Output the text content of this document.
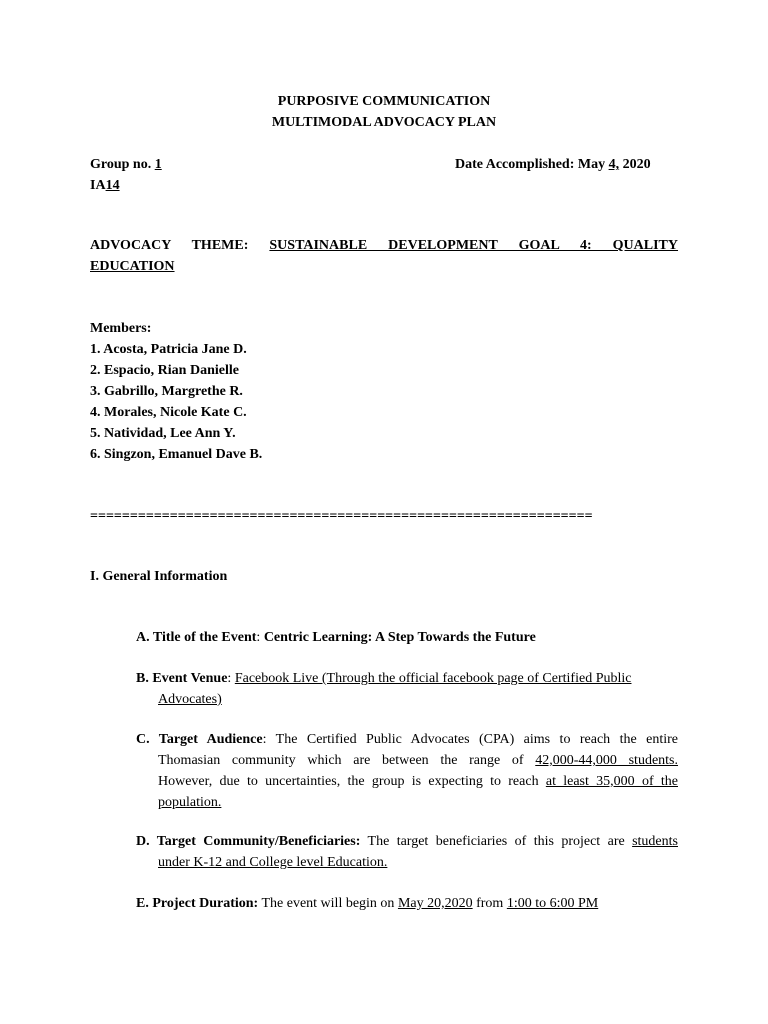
PURPOSIVE COMMUNICATION
MULTIMODAL ADVOCACY PLAN
Group no. 1	Date Accomplished: May 4, 2020
IA14
ADVOCACY THEME: SUSTAINABLE DEVELOPMENT GOAL 4: QUALITY
EDUCATION
Members:
1. Acosta, Patricia Jane D.
2. Espacio, Rian Danielle
3. Gabrillo, Margrethe R.
4. Morales, Nicole Kate C.
5. Natividad, Lee Ann Y.
6. Singzon, Emanuel Dave B.
===============================================================
I. General Information
A. Title of the Event: Centric Learning: A Step Towards the Future
B. Event Venue: Facebook Live (Through the official facebook page of Certified Public
Advocates)
C. Target Audience: The Certified Public Advocates (CPA) aims to reach the entire
Thomasian community which are between the range of 42,000-44,000 students.
However, due to uncertainties, the group is expecting to reach at least 35,000 of the
population.
D. Target Community/Beneficiaries: The target beneficiaries of this project are students
under K-12 and College level Education.
E. Project Duration: The event will begin on May 20,2020 from 1:00 to 6:00 PM
